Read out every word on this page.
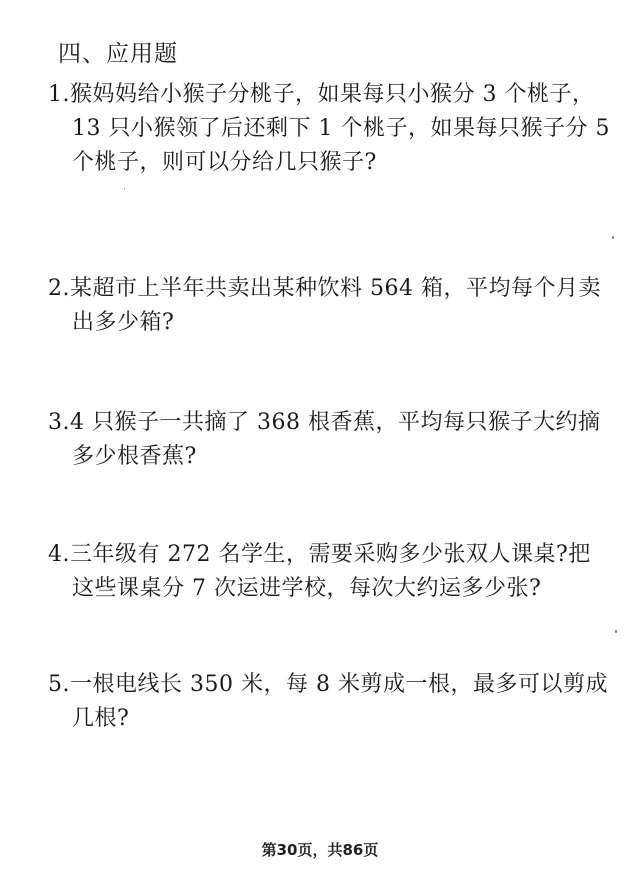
四、应用题
1.猴妈妈给小猴子分桃子，如果每只小猴分 3 个桃子，
13 只小猴领了后还剩下 1 个桃子，如果每只猴子分 5
个桃子，则可以分给几只猴子?
2.某超市上半年共卖出某种饮料 564 箱，平均每个月卖
出多少箱?
3.4 只猴子一共摘了 368 根香蕉，平均每只猴子大约摘
多少根香蕉?
4.三年级有 272 名学生，需要采购多少张双人课桌?把
这些课桌分 7 次运进学校，每次大约运多少张?
5.一根电线长 350 米，每 8 米剪成一根，最多可以剪成
几根?
第30页，共86页
